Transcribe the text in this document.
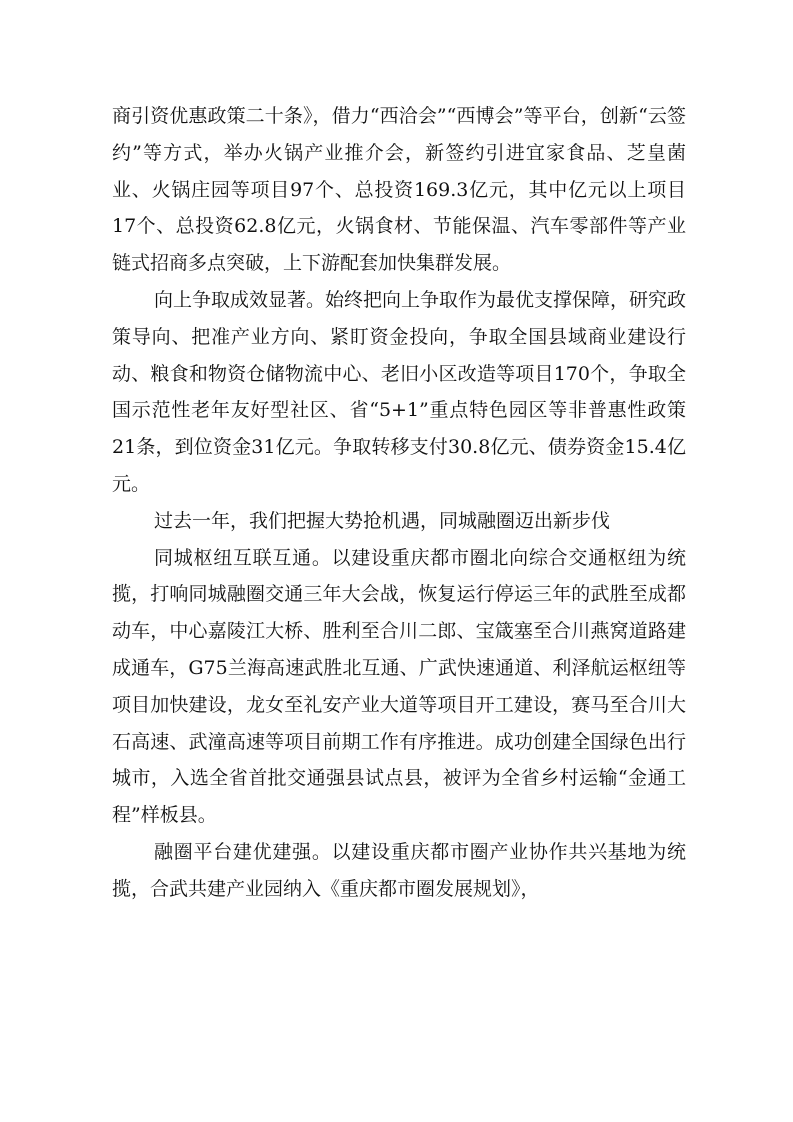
商引资优惠政策二十条》，借力“西洽会”“西博会”等平台，创新“云签约”等方式，举办火锅产业推介会，新签约引进宜家食品、芝皇菌业、火锅庄园等项目97个、总投资169.3亿元，其中亿元以上项目17个、总投资62.8亿元，火锅食材、节能保温、汽车零部件等产业链式招商多点突破，上下游配套加快集群发展。

向上争取成效显著。始终把向上争取作为最优支撑保障，研究政策导向、把准产业方向、紧盯资金投向，争取全国县域商业建设行动、粮食和物资仓储物流中心、老旧小区改造等项目170个，争取全国示范性老年友好型社区、省“5+1”重点特色园区等非普惠性政策21条，到位资金31亿元。争取转移支付30.8亿元、债券资金15.4亿元。

过去一年，我们把握大势抢机遇，同城融圈迈出新步伐

同城枢纽互联互通。以建设重庆都市圈北向综合交通枢纽为统揽，打响同城融圈交通三年大会战，恢复运行停运三年的武胜至成都动车，中心嘉陵江大桥、胜利至合川二郎、宝箴塞至合川燕窝道路建成通车，G75兰海高速武胜北互通、广武快速通道、利泽航运枢纽等项目加快建设，龙女至礼安产业大道等项目开工建设，赛马至合川大石高速、武潼高速等项目前期工作有序推进。成功创建全国绿色出行城市，入选全省首批交通强县试点县，被评为全省乡村运输“金通工程”样板县。

融圈平台建优建强。以建设重庆都市圈产业协作共兴基地为统揽，合武共建产业园纳入《重庆都市圈发展规划》，
